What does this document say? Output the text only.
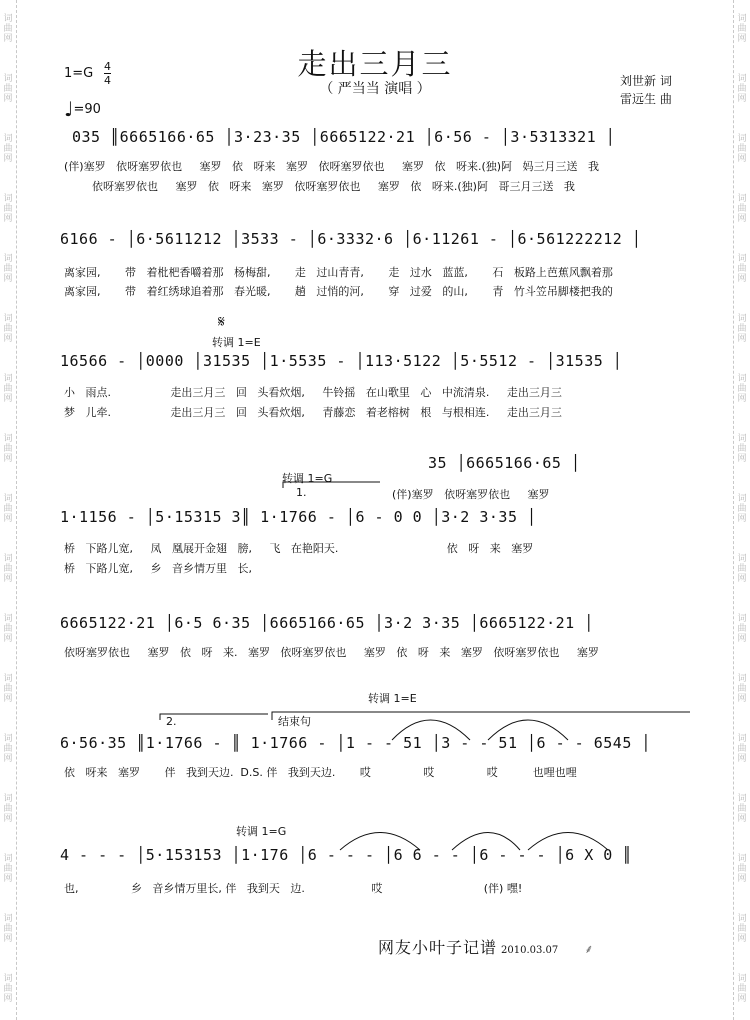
词
曲
网
词
曲
网
词
曲
网
词
曲
网
词
曲
网
词
曲
网
词
曲
网
词
曲
网
词
曲
网
词
曲
网
词
曲
网
词
曲
网
词
曲
网
词
曲
网
词
曲
网
词
曲
网
词
曲
网
词
曲
网
词
曲
网
词
曲
网
词
曲
网
词
曲
网
词
曲
网
词
曲
网
词
曲
网
词
曲
网
词
曲
网
词
曲
网
词
曲
网
词
曲
网
词
曲
网
词
曲
网
词
曲
网
词
曲
网
走出三月三
（ 严当当 演唱 ）	刘世新 词
雷远生 曲
1=G 4
4
♩=90
035 ║6665166·65 │3·23·35 │6665122·21 │6·56 - │3·5313321 │
(伴)塞罗   依呀塞罗依也     塞罗   依   呀来   塞罗   依呀塞罗依也     塞罗   依   呀来.(独)阿   妈三月三送   我
依呀塞罗依也     塞罗   依   呀来   塞罗   依呀塞罗依也     塞罗   依   呀来.(独)阿   哥三月三送   我
6166 - │6·5611212 │3533 - │6·3332·6 │6·11261 - │6·561222212 │
离家园,       带   着枇杷香嚼着那   杨梅甜,       走   过山青青,       走   过水   蓝蓝,       石   板路上芭蕉风飘着那
离家园,       带   着红绣球追着那   春光暖,       趟   过悄的河,       穿   过爱   的山,       青   竹斗笠吊脚楼把我的
𝄋
转调 1=E
16566 - │0000 │31535 │1·5535 - │113·5122 │5·5512 - │31535 │
小   雨点.                 走出三月三   回   头看炊烟,     牛铃摇   在山歌里   心   中流清泉.     走出三月三
梦   儿牵.                 走出三月三   回   头看炊烟,     青藤恋   着老榕树   根   与根相连.     走出三月三
35 │6665166·65 │
转调 1=G
1.	(伴)塞罗   依呀塞罗依也     塞罗
1·1156 - │5·15315 3║ 1·1766 - │6 - 0 0 │3·2 3·35 │
桥   下路儿宽,     凤   凰展开金翅   膀,     飞   在艳阳天.                               依   呀   来   塞罗
桥   下路儿宽,     乡   音乡情万里   长,
6665122·21 │6·5 6·35 │6665166·65 │3·2 3·35 │6665122·21 │
依呀塞罗依也     塞罗   依   呀   来.   塞罗   依呀塞罗依也     塞罗   依   呀   来   塞罗   依呀塞罗依也     塞罗
转调 1=E
2.	结束句
6·56·35 ║1·1766 - ║ 1·1766 - │1 - - 51 │3 - - 51 │6 - - 6545 │
依   呀来   塞罗       伴   我到天边.  D.S. 伴   我到天边.       哎               哎               哎          也哩也哩
转调 1=G
4 - - - │5·153153 │1·176 │6 - - - │6 6 - - │6 - - - │6 X 0 ║
也,               乡   音乡情万里长, 伴   我到天   边.                   哎                             (伴) 嘿!
网友小叶子记谱 2010.03.07 ⸙
